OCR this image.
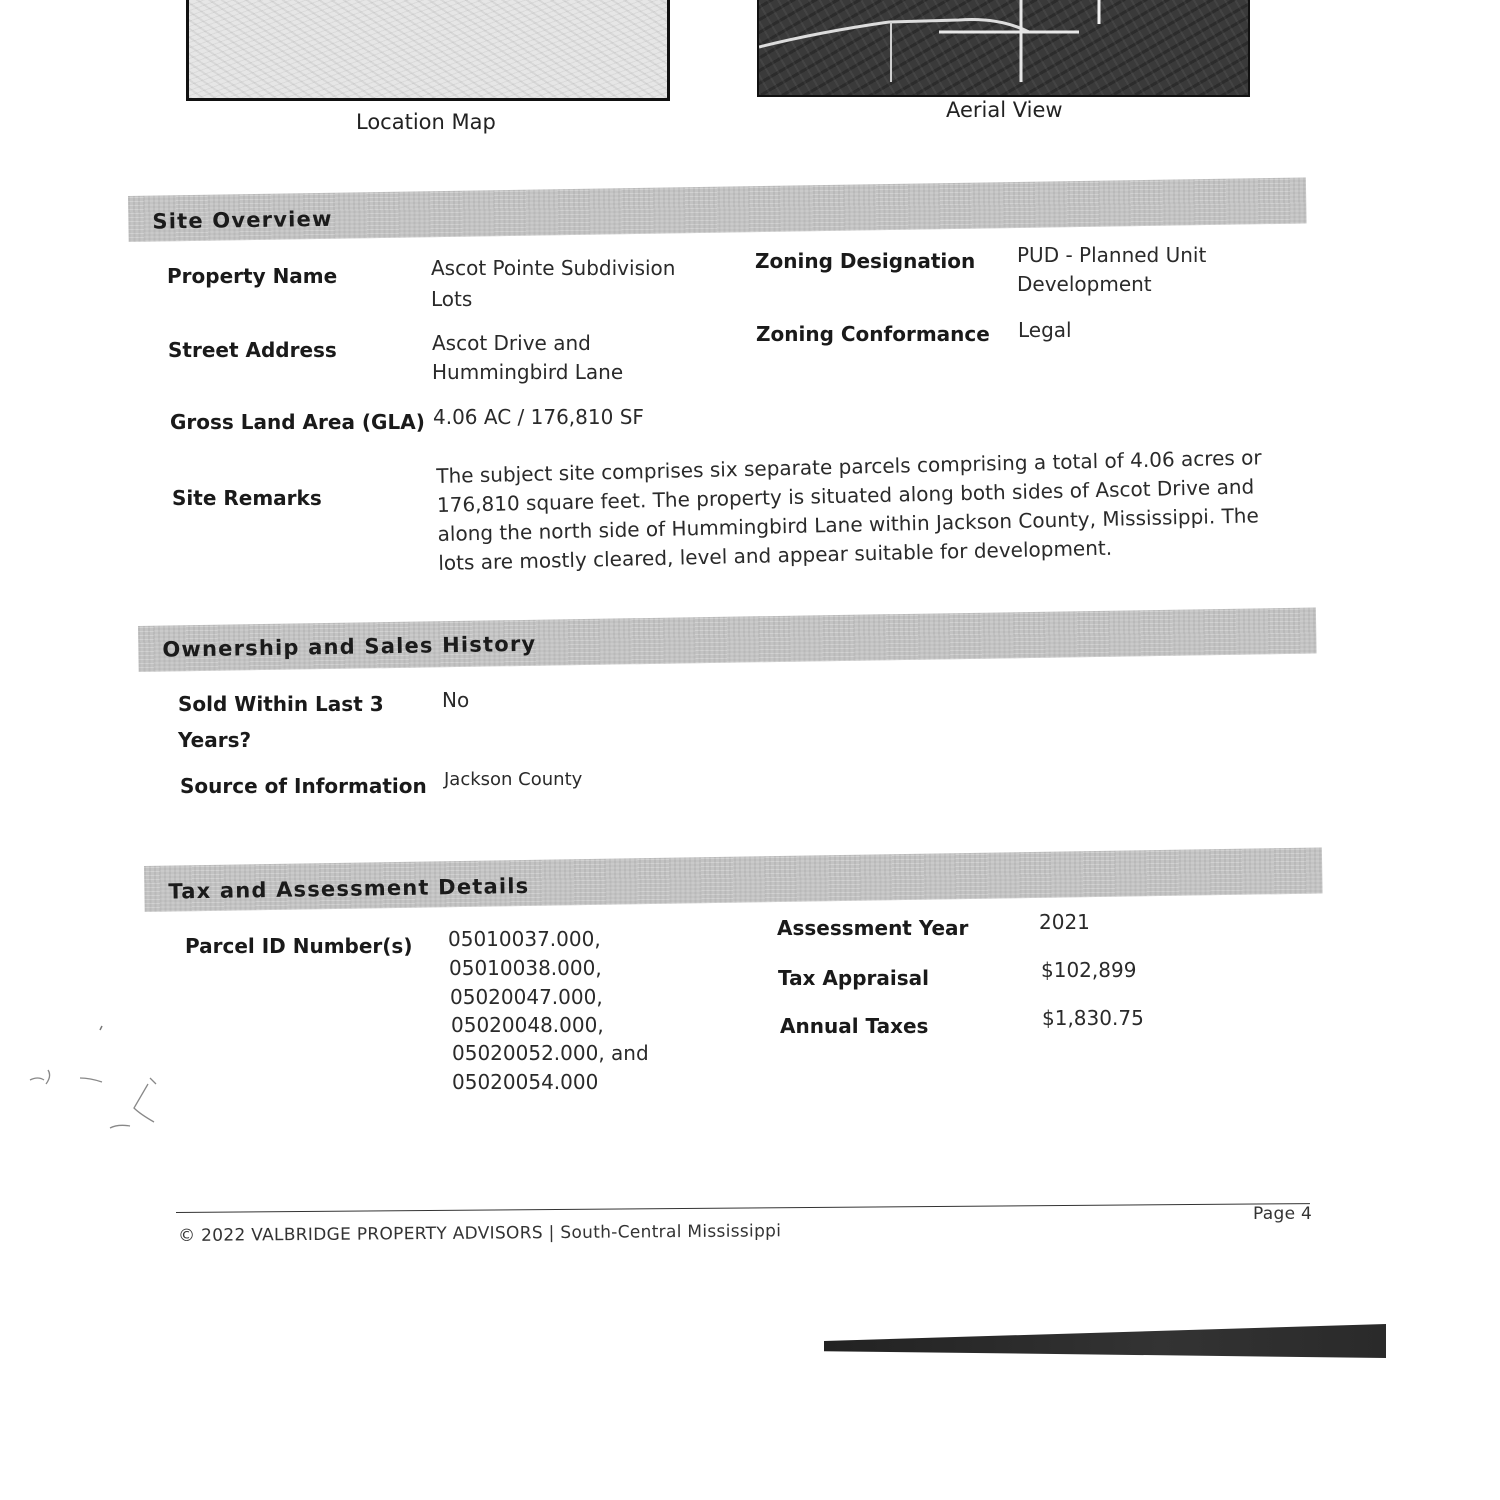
Location Map	Aerial View
Site Overview
Property Name	Ascot Pointe Subdivision
Lots
Zoning Designation PUD - Planned Unit
Development
Street Address	Ascot Drive and
Hummingbird Lane
Zoning Conformance Legal
Gross Land Area (GLA) 4.06 AC / 176,810 SF
Site Remarks
The subject site comprises six separate parcels comprising a total of 4.06 acres or 176,810 square feet. The property is situated along both sides of Ascot Drive and along the north side of Hummingbird Lane within Jackson County, Mississippi. The lots are mostly cleared, level and appear suitable for development.
Ownership and Sales History
Sold Within Last 3
Years?
No
Source of Information Jackson County
Tax and Assessment Details
Parcel ID Number(s) 05010037.000,
05010038.000,
05020047.000,
05020048.000,
05020052.000, and
05020054.000
Assessment Year	2021
Tax Appraisal	$102,899
Annual Taxes	$1,830.75
© 2022 VALBRIDGE PROPERTY ADVISORS | South-Central Mississippi
Page 4
